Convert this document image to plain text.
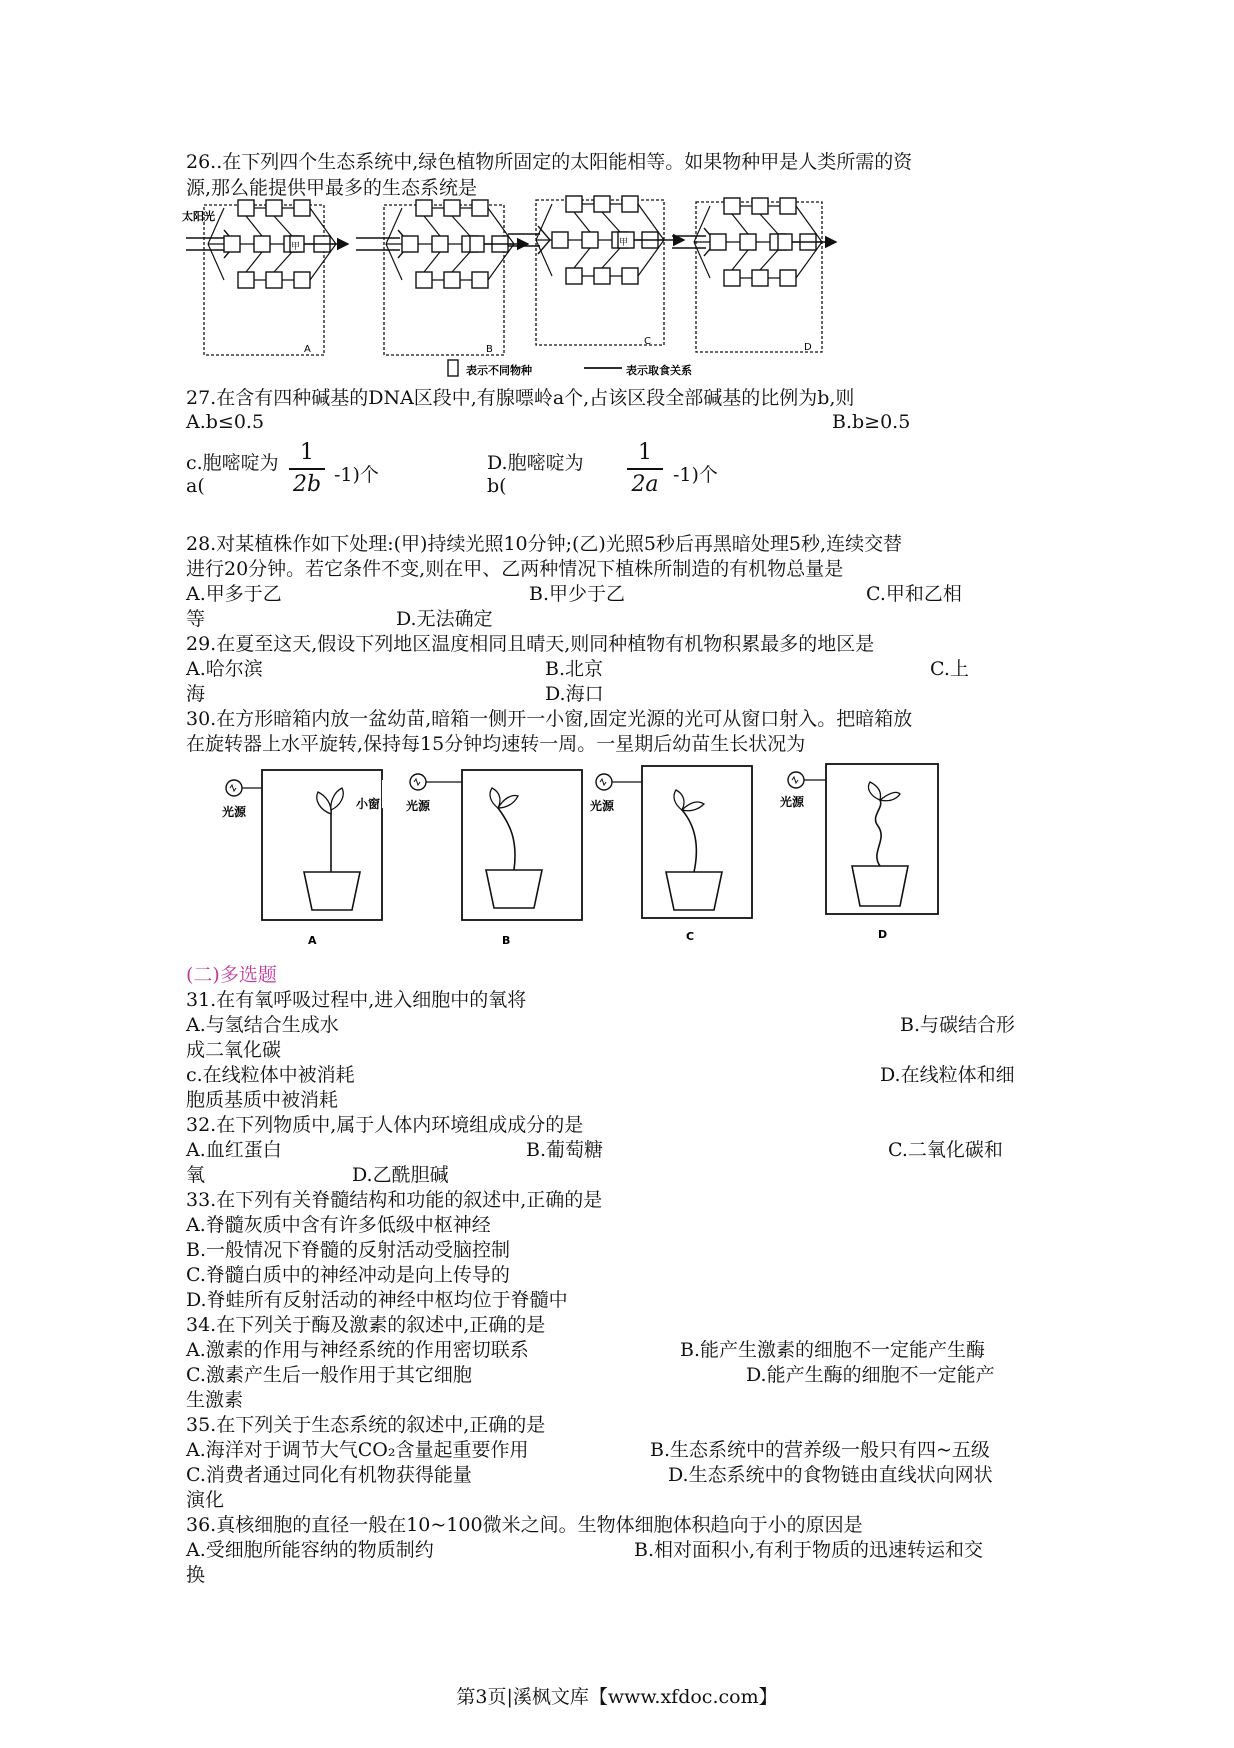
26..在下列四个生态系统中,绿色植物所固定的太阳能相等。如果物种甲是人类所需的资
源,那么能提供甲最多的生态系统是
太阳光
甲
A	B
甲
C
D
表示不同物种	表示取食关系
27.在含有四种碱基的DNA区段中,有腺嘌岭a个,占该区段全部碱基的比例为b,则
A.b≤0.5	B.b≥0.5
c.胞嘧啶为
a(
1
2b -1)个
D.胞嘧啶为
b(
1
2a -1)个
28.对某植株作如下处理:(甲)持续光照10分钟;(乙)光照5秒后再黑暗处理5秒,连续交替
进行20分钟。若它条件不变,则在甲、乙两种情况下植株所制造的有机物总量是
A.甲多于乙	B.甲少于乙	C.甲和乙相
等	D.无法确定
29.在夏至这天,假设下列地区温度相同且晴天,则同种植物有机物积累最多的地区是
A.哈尔滨	B.北京	C.上
海	D.海口
30.在方形暗箱内放一盆幼苗,暗箱一侧开一小窗,固定光源的光可从窗口射入。把暗箱放
在旋转器上水平旋转,保持每15分钟均速转一周。一星期后幼苗生长状况为
光源
小窗
A
光源
B
光源
C
光源
D
(二)多选题
31.在有氧呼吸过程中,进入细胞中的氧将
A.与氢结合生成水	B.与碳结合形
成二氧化碳
c.在线粒体中被消耗	D.在线粒体和细
胞质基质中被消耗
32.在下列物质中,属于人体内环境组成成分的是
A.血红蛋白	B.葡萄糖	C.二氧化碳和
氧	D.乙酰胆碱
33.在下列有关脊髓结构和功能的叙述中,正确的是
A.脊髓灰质中含有许多低级中枢神经
B.一般情况下脊髓的反射活动受脑控制
C.脊髓白质中的神经冲动是向上传导的
D.脊蛙所有反射活动的神经中枢均位于脊髓中
34.在下列关于酶及激素的叙述中,正确的是
A.激素的作用与神经系统的作用密切联系	B.能产生激素的细胞不一定能产生酶
C.激素产生后一般作用于其它细胞	D.能产生酶的细胞不一定能产
生激素
35.在下列关于生态系统的叙述中,正确的是
A.海洋对于调节大气CO₂含量起重要作用	B.生态系统中的营养级一般只有四~五级
C.消费者通过同化有机物获得能量	D.生态系统中的食物链由直线状向网状
演化
36.真核细胞的直径一般在10~100微米之间。生物体细胞体积趋向于小的原因是
A.受细胞所能容纳的物质制约	B.相对面积小,有利于物质的迅速转运和交
换
第3页|溪枫文库【www.xfdoc.com】
